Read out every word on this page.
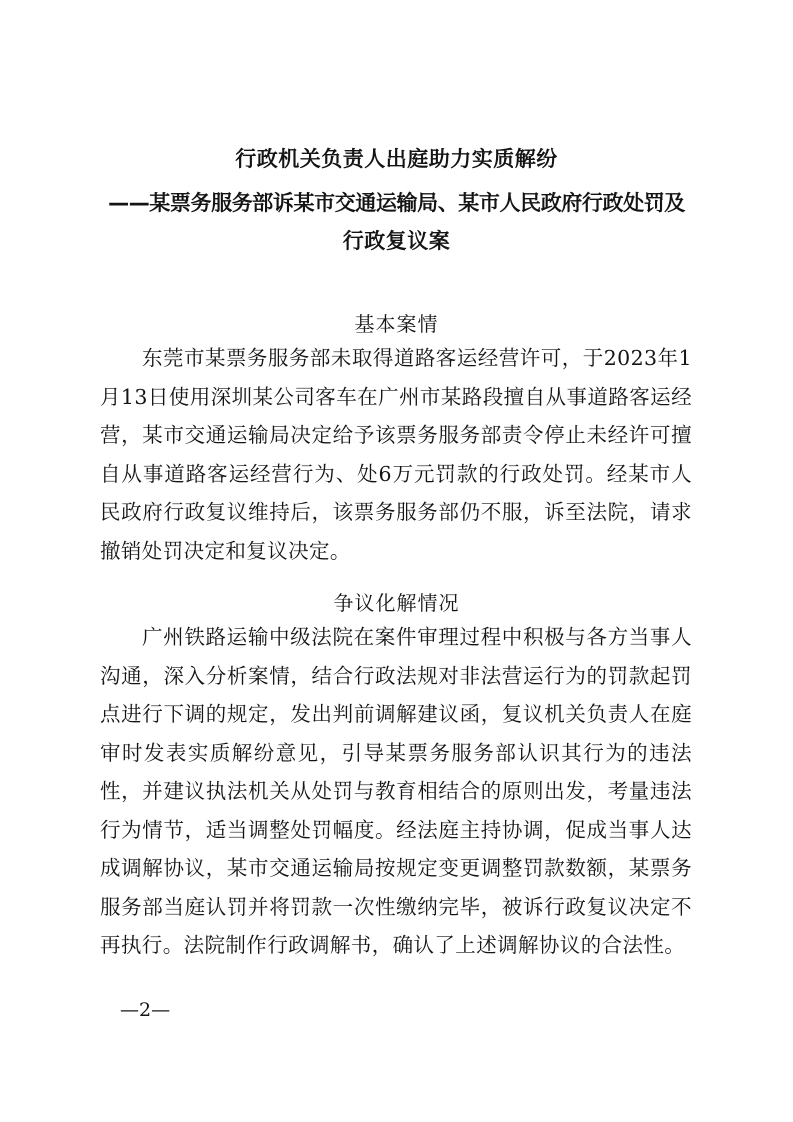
行政机关负责人出庭助力实质解纷
——某票务服务部诉某市交通运输局、某市人民政府行政处罚及
行政复议案
基本案情

东莞市某票务服务部未取得道路客运经营许可，于2023年1月13日使用深圳某公司客车在广州市某路段擅自从事道路客运经营，某市交通运输局决定给予该票务服务部责令停止未经许可擅自从事道路客运经营行为、处6万元罚款的行政处罚。经某市人民政府行政复议维持后，该票务服务部仍不服，诉至法院，请求撤销处罚决定和复议决定。

争议化解情况

广州铁路运输中级法院在案件审理过程中积极与各方当事人沟通，深入分析案情，结合行政法规对非法营运行为的罚款起罚点进行下调的规定，发出判前调解建议函，复议机关负责人在庭审时发表实质解纷意见，引导某票务服务部认识其行为的违法性，并建议执法机关从处罚与教育相结合的原则出发，考量违法行为情节，适当调整处罚幅度。经法庭主持协调，促成当事人达成调解协议，某市交通运输局按规定变更调整罚款数额，某票务服务部当庭认罚并将罚款一次性缴纳完毕，被诉行政复议决定不再执行。法院制作行政调解书，确认了上述调解协议的合法性。

—2—
